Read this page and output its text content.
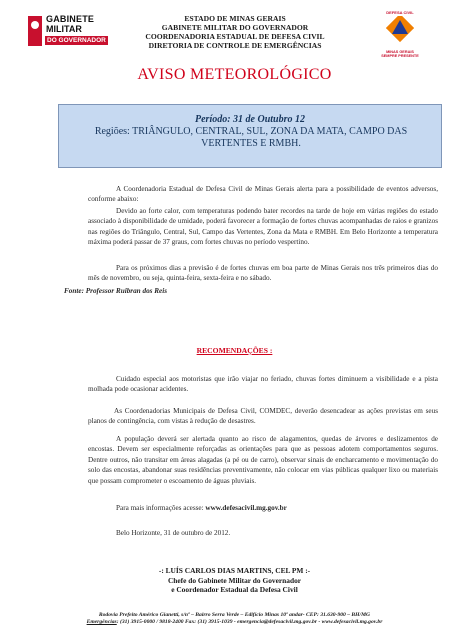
GABINETE
MILITAR
DO GOVERNADOR
ESTADO DE MINAS GERAIS
GABINETE MILITAR DO GOVERNADOR
COORDENADORIA ESTADUAL DE DEFESA CIVIL
DIRETORIA DE CONTROLE DE EMERGÊNCIAS
DEFESA CIVIL
MINAS GERAIS SEMPRE PRESENTE
AVISO METEOROLÓGICO
Período: 31 de Outubro 12
Regiões: TRIÂNGULO, CENTRAL, SUL, ZONA DA MATA, CAMPO DAS VERTENTES E RMBH.
A Coordenadoria Estadual de Defesa Civil de Minas Gerais alerta para a possibilidade de eventos adversos, conforme abaixo:
Devido ao forte calor, com temperaturas podendo bater recordes na tarde de hoje em várias regiões do estado associado à disponibilidade de umidade, poderá favorecer a formação de fortes chuvas acompanhadas de raios e granizos nas regiões do Triângulo, Central, Sul, Campo das Vertentes, Zona da Mata e RMBH. Em Belo Horizonte a temperatura máxima poderá passar de 37 graus, com fortes chuvas no período vespertino.
Para os próximos dias a previsão é de fortes chuvas em boa parte de Minas Gerais nos três primeiros dias do mês de novembro, ou seja, quinta-feira, sexta-feira e no sábado.
Fonte: Professor Ruibran dos Reis
RECOMENDAÇÕES :
Cuidado especial aos motoristas que irão viajar no feriado, chuvas fortes diminuem a visibilidade e a pista molhada pode ocasionar acidentes.
As Coordenadorias Municipais de Defesa Civil, COMDEC, deverão desencadear as ações previstas em seus planos de contingência, com vistas à redução de desastres.
A população deverá ser alertada quanto ao risco de alagamentos, quedas de árvores e deslizamentos de encostas. Devem ser especialmente reforçadas as orientações para que as pessoas adotem comportamentos seguros. Dentre outros, não transitar em áreas alagadas (a pé ou de carro), observar sinais de encharcamento e movimentação do solo das encostas, abandonar suas residências preventivamente, não colocar em vias públicas qualquer lixo ou materiais que possam comprometer o escoamento de águas pluviais.
Para mais informações acesse: www.defesacivil.mg.gov.br
Belo Horizonte, 31 de outubro de 2012.
-: LUÍS CARLOS DIAS MARTINS, CEL PM :-
Chefe do Gabinete Militar do Governador
e Coordenador Estadual da Defesa Civil
Rodovia Prefeito Américo Gianetti, s/nº – Bairro Serra Verde – Edifício Minas 10º andar- CEP: 31.630-900 – BH/MG
Emergências: (31) 3915-0000 / 9818-2400 Fax: (31) 3915-1039 - emergencia@defesacivil.mg.gov.br - www.defesacivil.mg.gov.br
